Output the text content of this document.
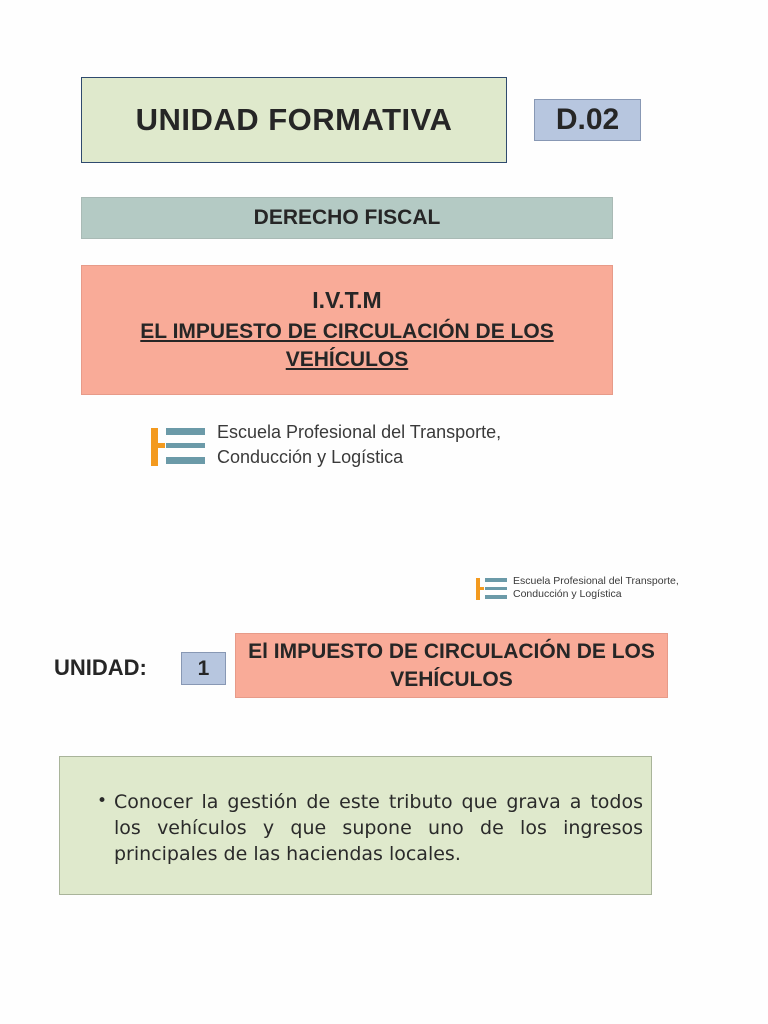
UNIDAD FORMATIVA	D.02
DERECHO FISCAL
I.V.T.M
EL IMPUESTO DE CIRCULACIÓN DE LOS VEHÍCULOS
Escuela Profesional del Transporte,
Conducción y Logística
Escuela Profesional del Transporte,
Conducción y Logística
UNIDAD: 1
El IMPUESTO DE CIRCULACIÓN DE LOS VEHÍCULOS
• Conocer la gestión de este tributo que grava a todos los vehículos y que supone uno de los ingresos principales de las haciendas locales.
